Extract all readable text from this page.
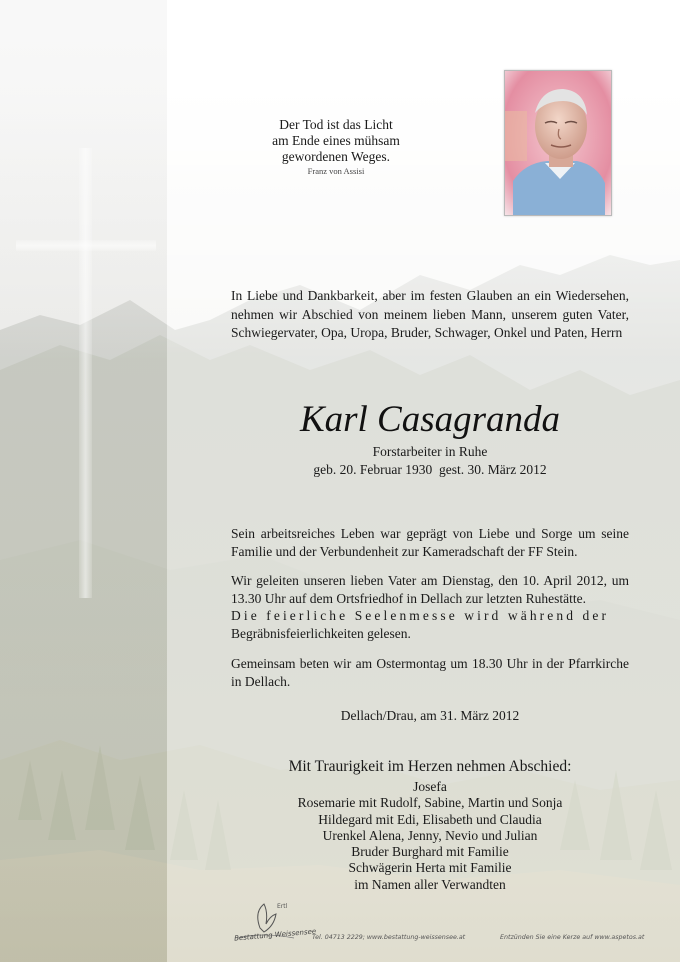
Der Tod ist das Licht
am Ende eines mühsam
gewordenen Weges.
Franz von Assisi
In Liebe und Dankbarkeit, aber im festen Glauben an ein Wiedersehen, nehmen wir Abschied von meinem lieben Mann, unserem guten Vater, Schwiegervater, Opa, Uropa, Bruder, Schwager, Onkel und Paten, Herrn
Karl Casagranda
Forstarbeiter in Ruhe
geb. 20. Februar 1930  gest. 30. März 2012
Sein arbeitsreiches Leben war geprägt von Liebe und Sorge um seine Familie und der Verbundenheit zur Kameradschaft der FF Stein.
Wir geleiten unseren lieben Vater am Dienstag, den 10. April 2012, um 13.30 Uhr auf dem Ortsfriedhof in Dellach zur letzten Ruhestätte.
Die feierliche Seelenmesse wird während der
Begräbnisfeierlichkeiten gelesen.
Gemeinsam beten wir am Ostermontag um 18.30 Uhr in der Pfarrkirche in Dellach.
Dellach/Drau, am 31. März 2012
Mit Traurigkeit im Herzen nehmen Abschied:
Josefa
Rosemarie mit Rudolf, Sabine, Martin und Sonja
Hildegard mit Edi, Elisabeth und Claudia
Urenkel Alena, Jenny, Nevio und Julian
Bruder Burghard mit Familie
Schwägerin Herta mit Familie
im Namen aller Verwandten
Ertl
Bestattung Weissensee
Tel. 04713 2229; www.bestattung-weissensee.at	Entzünden Sie eine Kerze auf www.aspetos.at
